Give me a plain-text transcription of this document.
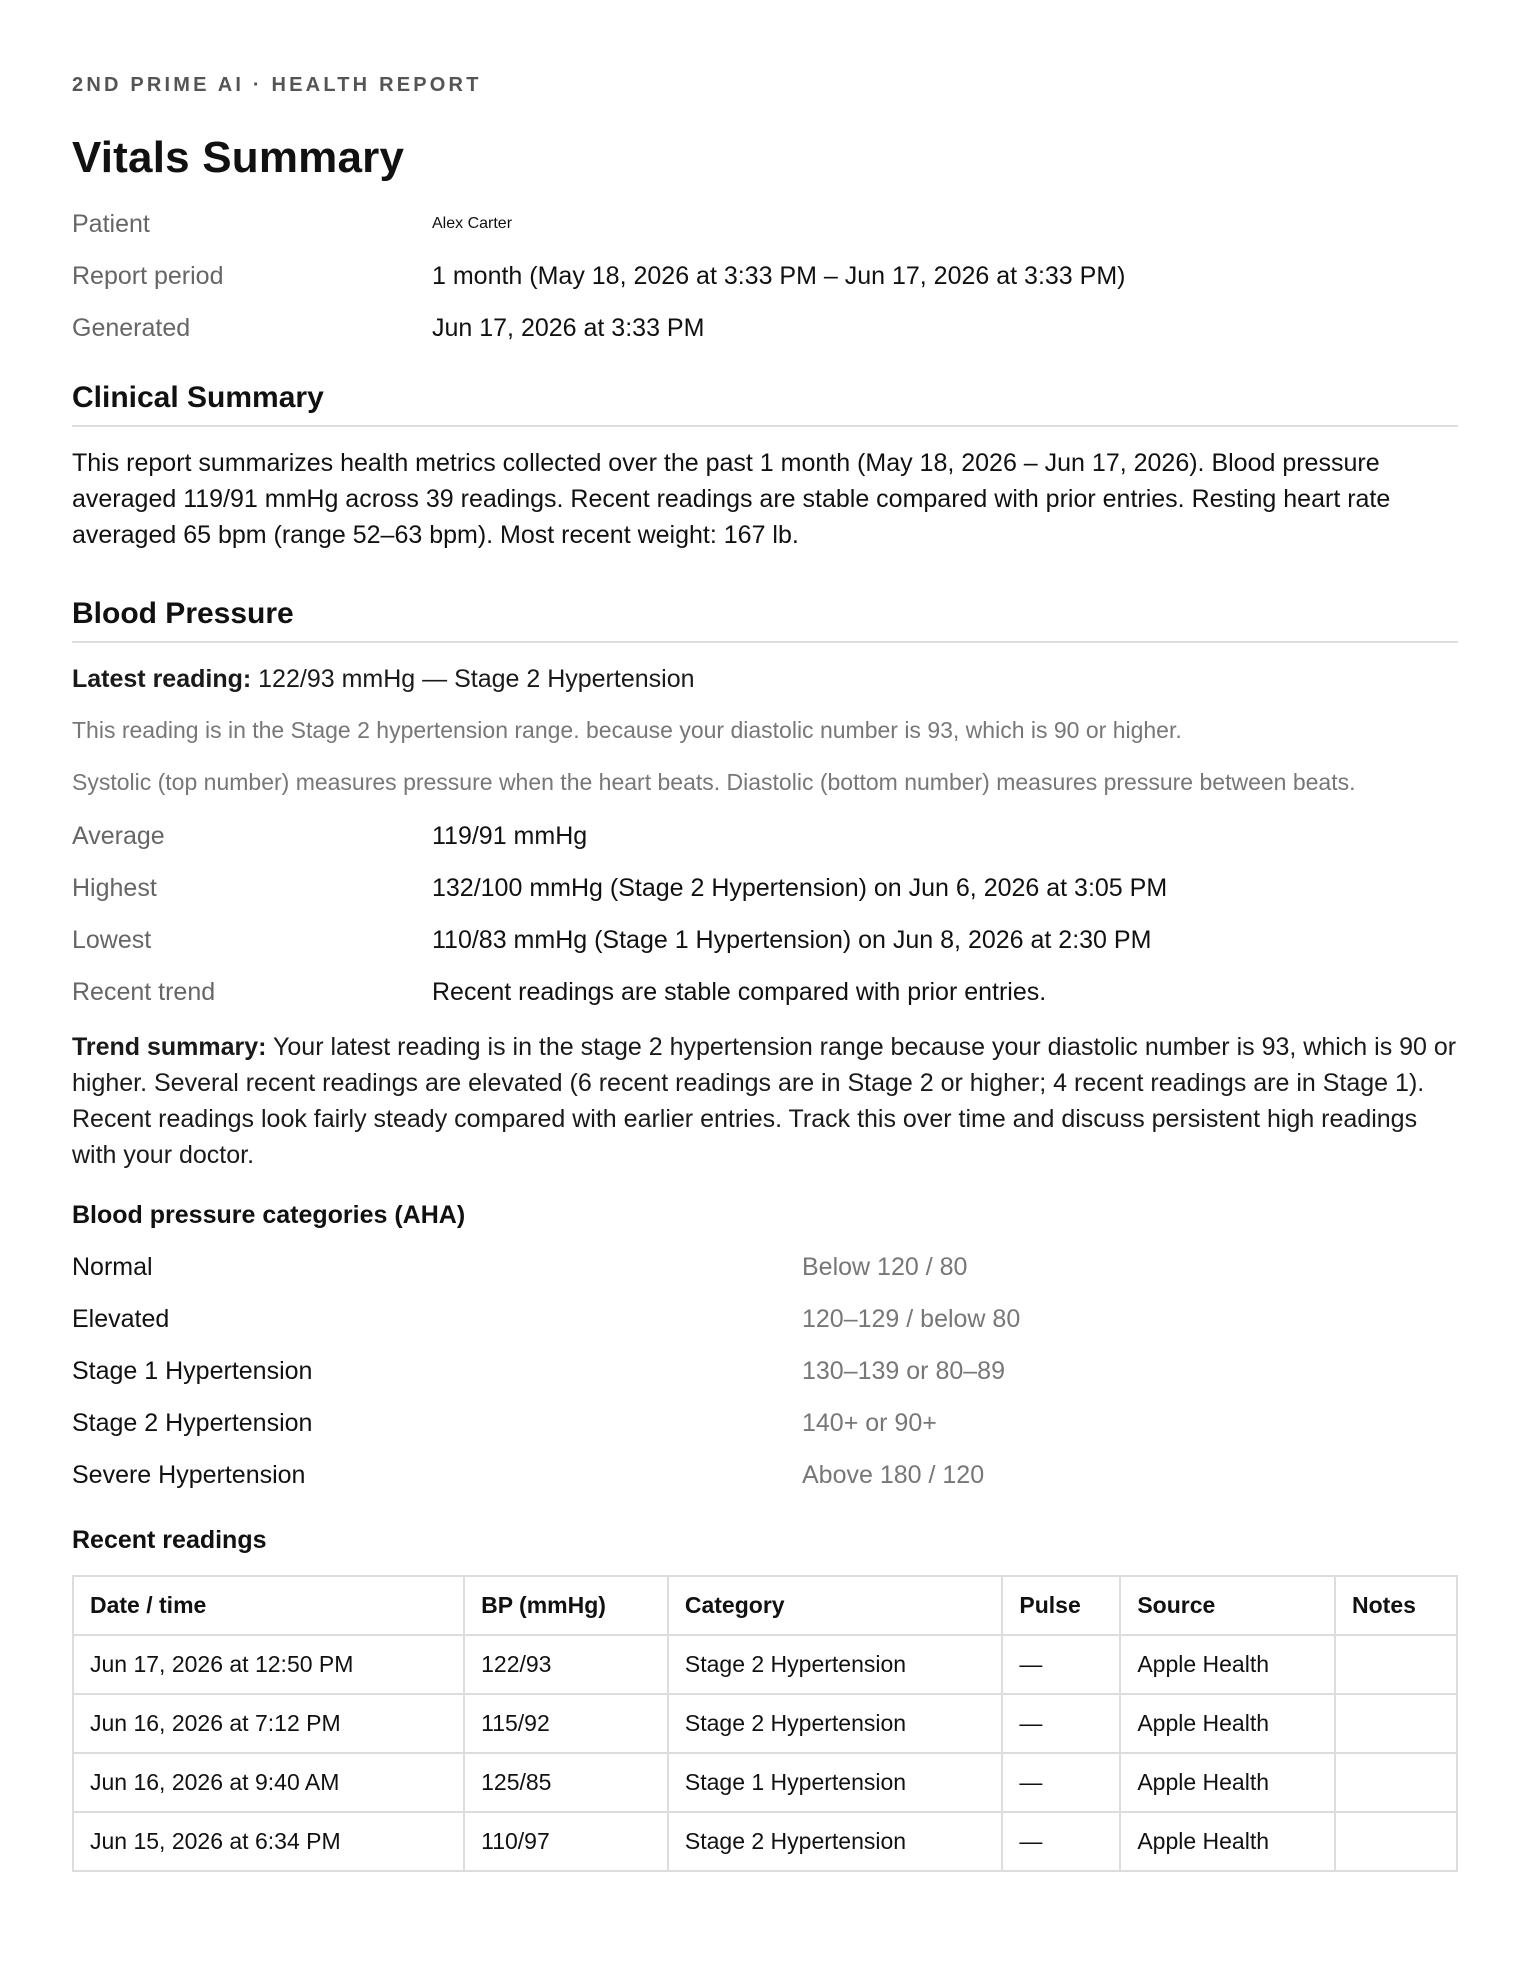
2ND PRIME AI · HEALTH REPORT
Vitals Summary
Patient	Alex Carter
Report period	1 month (May 18, 2026 at 3:33 PM – Jun 17, 2026 at 3:33 PM)
Generated	Jun 17, 2026 at 3:33 PM
Clinical Summary

This report summarizes health metrics collected over the past 1 month (May 18, 2026 – Jun 17, 2026). Blood pressure averaged 119/91 mmHg across 39 readings. Recent readings are stable compared with prior entries. Resting heart rate averaged 65 bpm (range 52–63 bpm). Most recent weight: 167 lb.

Blood Pressure

Latest reading: 122/93 mmHg — Stage 2 Hypertension

This reading is in the Stage 2 hypertension range. because your diastolic number is 93, which is 90 or higher.

Systolic (top number) measures pressure when the heart beats. Diastolic (bottom number) measures pressure between beats.

Average	119/91 mmHg
Highest	132/100 mmHg (Stage 2 Hypertension) on Jun 6, 2026 at 3:05 PM
Lowest	110/83 mmHg (Stage 1 Hypertension) on Jun 8, 2026 at 2:30 PM
Recent trend	Recent readings are stable compared with prior entries.

Trend summary: Your latest reading is in the stage 2 hypertension range because your diastolic number is 93, which is 90 or higher. Several recent readings are elevated (6 recent readings are in Stage 2 or higher; 4 recent readings are in Stage 1). Recent readings look fairly steady compared with earlier entries. Track this over time and discuss persistent high readings with your doctor.

Blood pressure categories (AHA)
Normal	Below 120 / 80
Elevated	120–129 / below 80
Stage 1 Hypertension	130–139 or 80–89
Stage 2 Hypertension	140+ or 90+
Severe Hypertension	Above 180 / 120
Recent readings
Date / time	BP (mmHg)	Category	Pulse	Source	Notes
Jun 17, 2026 at 12:50 PM	122/93	Stage 2 Hypertension	—	Apple Health	
Jun 16, 2026 at 7:12 PM	115/92	Stage 2 Hypertension	—	Apple Health	
Jun 16, 2026 at 9:40 AM	125/85	Stage 1 Hypertension	—	Apple Health	
Jun 15, 2026 at 6:34 PM	110/97	Stage 2 Hypertension	—	Apple Health	
